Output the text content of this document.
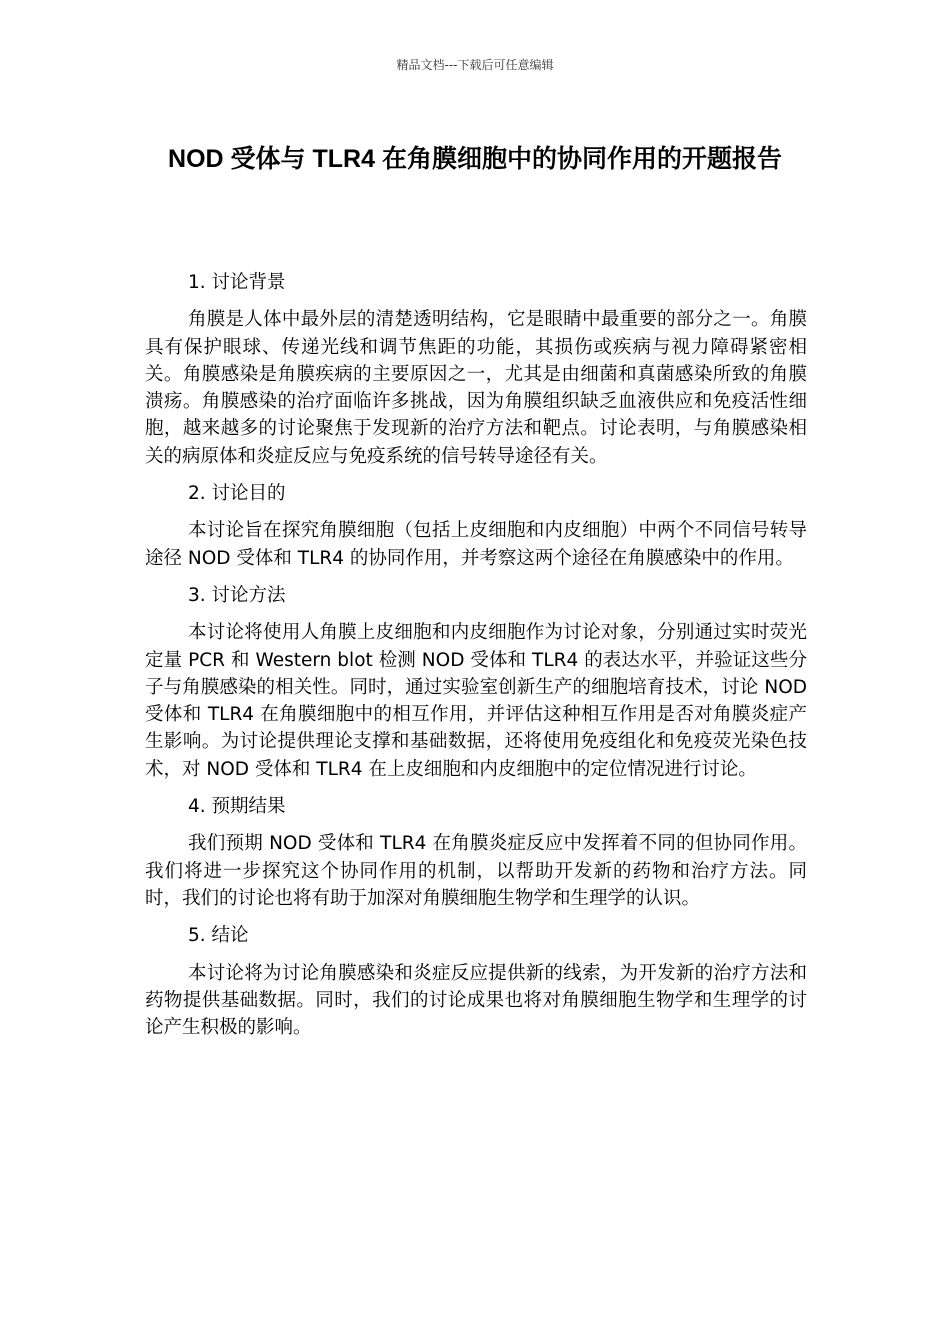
精品文档---下载后可任意编辑
NOD 受体与 TLR4 在角膜细胞中的协同作用的开题报告

1. 讨论背景

角膜是人体中最外层的清楚透明结构，它是眼睛中最重要的部分之一。角膜具有保护眼球、传递光线和调节焦距的功能，其损伤或疾病与视力障碍紧密相关。角膜感染是角膜疾病的主要原因之一，尤其是由细菌和真菌感染所致的角膜溃疡。角膜感染的治疗面临许多挑战，因为角膜组织缺乏血液供应和免疫活性细胞，越来越多的讨论聚焦于发现新的治疗方法和靶点。讨论表明，与角膜感染相关的病原体和炎症反应与免疫系统的信号转导途径有关。

2. 讨论目的

本讨论旨在探究角膜细胞（包括上皮细胞和内皮细胞）中两个不同信号转导途径 NOD 受体和 TLR4 的协同作用，并考察这两个途径在角膜感染中的作用。

3. 讨论方法

本讨论将使用人角膜上皮细胞和内皮细胞作为讨论对象，分别通过实时荧光定量 PCR 和 Western blot 检测 NOD 受体和 TLR4 的表达水平，并验证这些分子与角膜感染的相关性。同时，通过实验室创新生产的细胞培育技术，讨论 NOD 受体和 TLR4 在角膜细胞中的相互作用，并评估这种相互作用是否对角膜炎症产生影响。为讨论提供理论支撑和基础数据，还将使用免疫组化和免疫荧光染色技术，对 NOD 受体和 TLR4 在上皮细胞和内皮细胞中的定位情况进行讨论。

4. 预期结果

我们预期 NOD 受体和 TLR4 在角膜炎症反应中发挥着不同的但协同作用。我们将进一步探究这个协同作用的机制，以帮助开发新的药物和治疗方法。同时，我们的讨论也将有助于加深对角膜细胞生物学和生理学的认识。

5. 结论

本讨论将为讨论角膜感染和炎症反应提供新的线索，为开发新的治疗方法和药物提供基础数据。同时，我们的讨论成果也将对角膜细胞生物学和生理学的讨论产生积极的影响。
